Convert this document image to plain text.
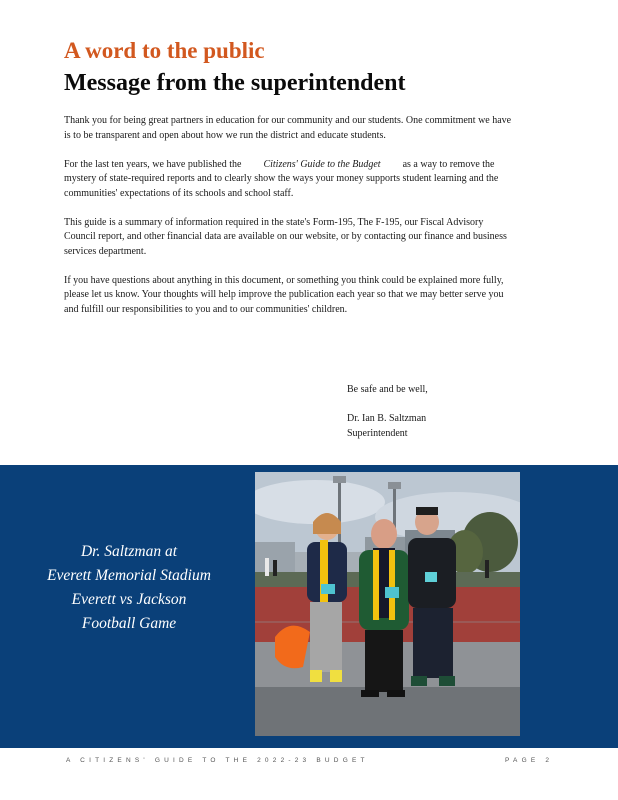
A word to the public
Message from the superintendent

Thank you for being great partners in education for our community and our students. One commitment we have is to be transparent and open about how we run the district and educate students.

For the last ten years, we have published the Citizens' Guide to the Budget as a way to remove the mystery of state-required reports and to clearly show the ways your money supports student learning and the communities' expectations of its schools and school staff.

This guide is a summary of information required in the state's Form-195, The F-195, our Fiscal Advisory Council report, and other financial data are available on our website, or by contacting our finance and business services department.

If you have questions about anything in this document, or something you think could be explained more fully, please let us know. Your thoughts will help improve the publication each year so that we may better serve you and fulfill our responsibilities to you and to our communities' children.

Be safe and be well,
Dr. Ian B. Saltzman
Superintendent
Dr. Saltzman at
Everett Memorial Stadium
Everett vs Jackson
Football Game
A CITIZENS' GUIDE TO THE 2022-23 BUDGET	PAGE 2
